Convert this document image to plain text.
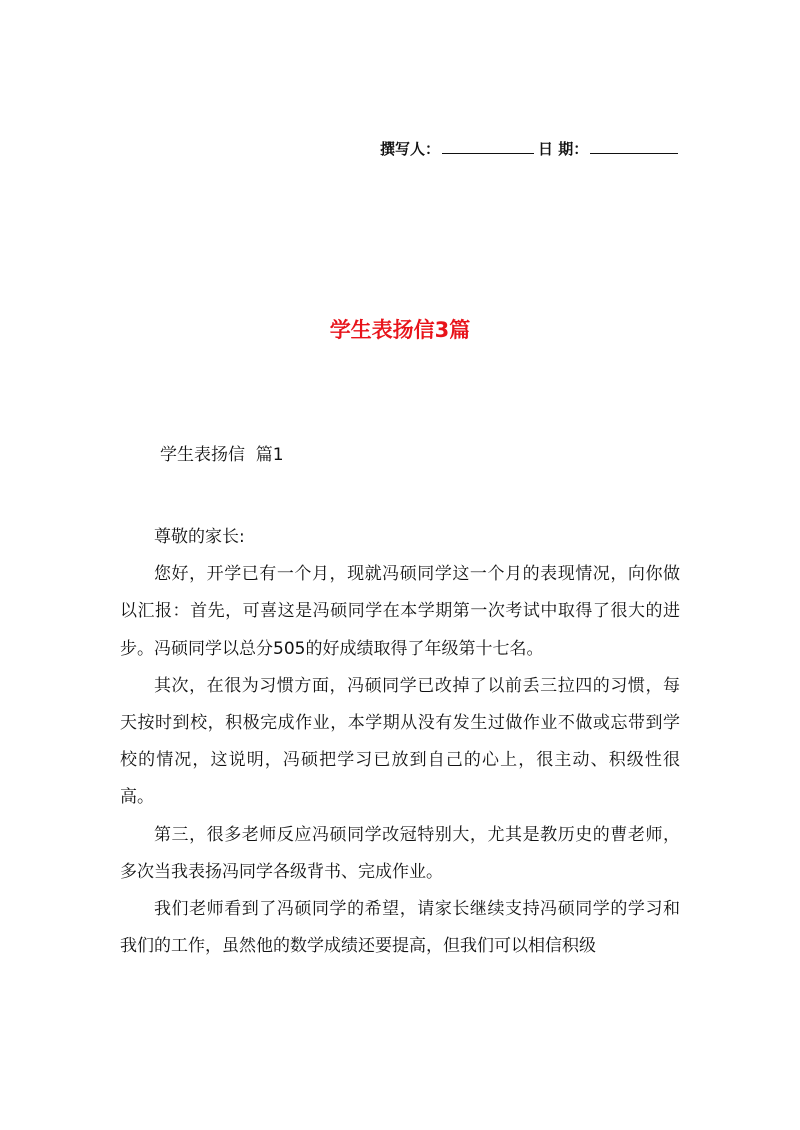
撰写人：	日 期：
学生表扬信3篇
学生表扬信  篇1

尊敬的家长:

您好，开学已有一个月，现就冯硕同学这一个月的表现情况，向你做以汇报：首先，可喜这是冯硕同学在本学期第一次考试中取得了很大的进步。冯硕同学以总分505的好成绩取得了年级第十七名。

其次，在很为习惯方面，冯硕同学已改掉了以前丢三拉四的习惯，每天按时到校，积极完成作业，本学期从没有发生过做作业不做或忘带到学校的情况，这说明，冯硕把学习已放到自己的心上，很主动、积级性很高。

第三，很多老师反应冯硕同学改冠特别大，尤其是教历史的曹老师，多次当我表扬冯同学各级背书、完成作业。

我们老师看到了冯硕同学的希望，请家长继续支持冯硕同学的学习和我们的工作，虽然他的数学成绩还要提高，但我们可以相信积级
